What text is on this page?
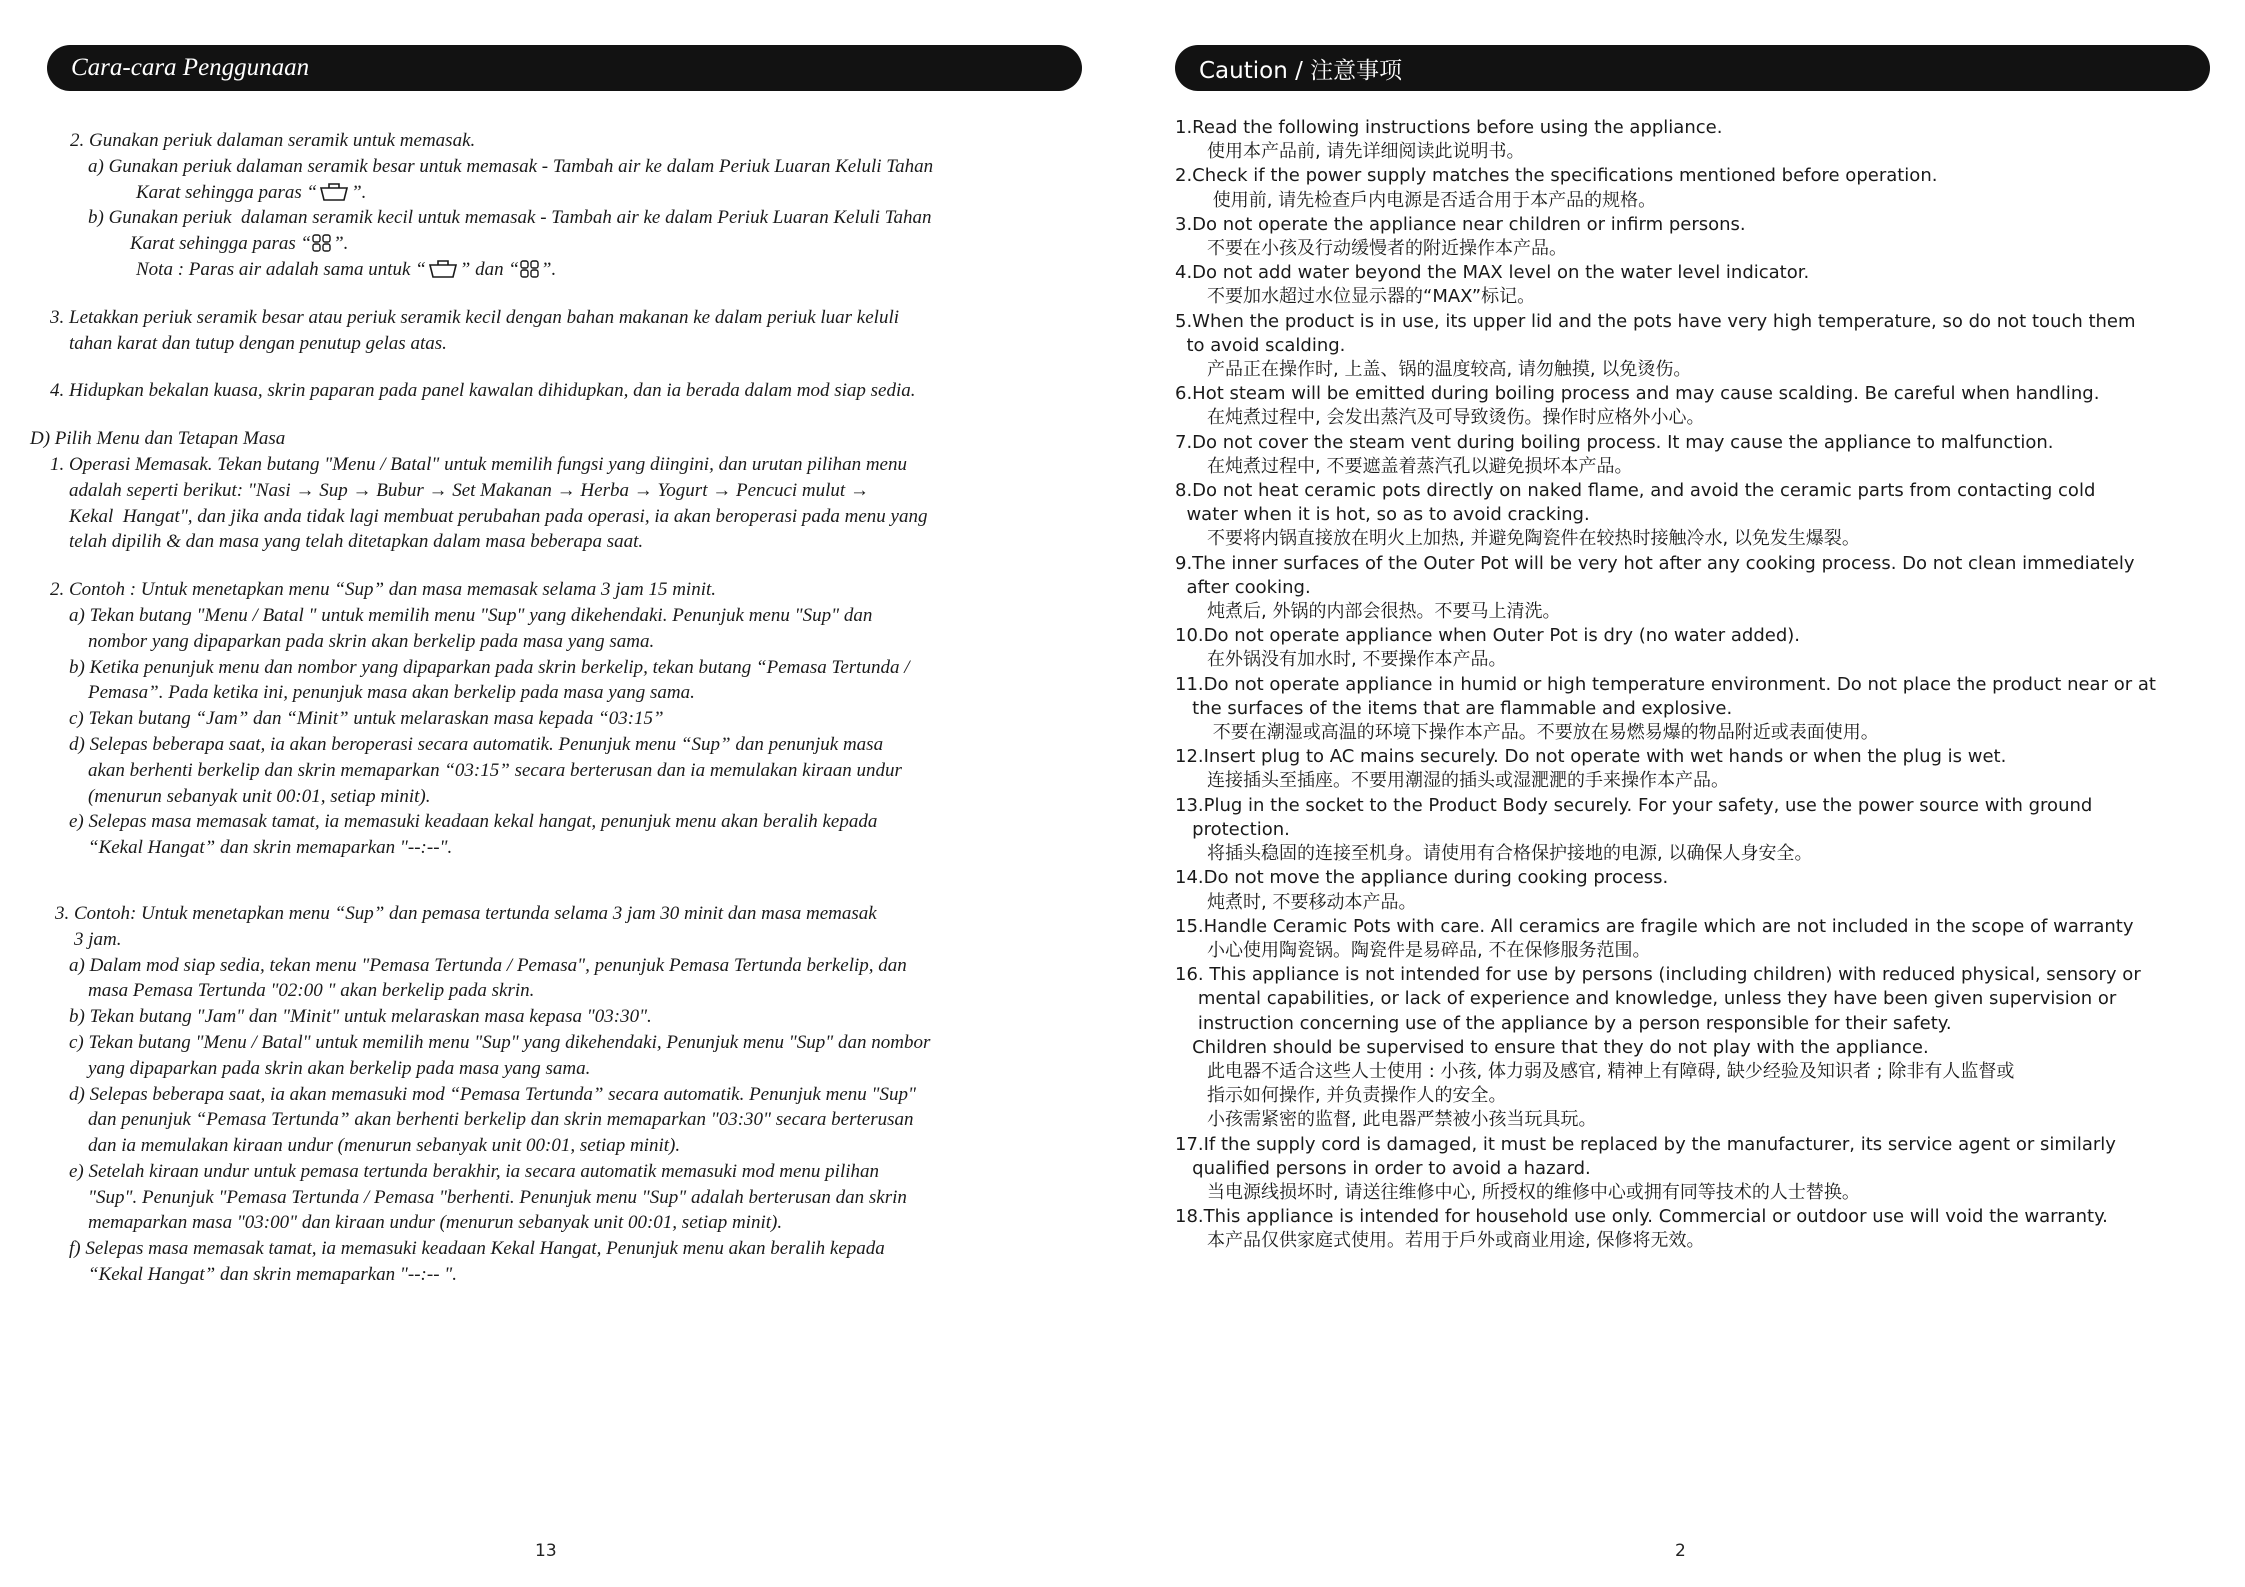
Cara-cara Penggunaan

2. Gunakan periuk dalaman seramik untuk memasak.

a) Gunakan periuk dalaman seramik besar untuk memasak - Tambah air ke dalam Periuk Luaran Keluli Tahan

Karat sehingga paras “ ”.

b) Gunakan periuk  dalaman seramik kecil untuk memasak - Tambah air ke dalam Periuk Luaran Keluli Tahan

Karat sehingga paras “ ”.

Nota : Paras air adalah sama untuk “ ” dan “ ”.

3. Letakkan periuk seramik besar atau periuk seramik kecil dengan bahan makanan ke dalam periuk luar keluli

tahan karat dan tutup dengan penutup gelas atas.

4. Hidupkan bekalan kuasa, skrin paparan pada panel kawalan dihidupkan, dan ia berada dalam mod siap sedia.

D) Pilih Menu dan Tetapan Masa

1. Operasi Memasak. Tekan butang "Menu / Batal" untuk memilih fungsi yang diingini, dan urutan pilihan menu

adalah seperti berikut: "Nasi → Sup → Bubur → Set Makanan → Herba → Yogurt → Pencuci mulut →

Kekal  Hangat", dan jika anda tidak lagi membuat perubahan pada operasi, ia akan beroperasi pada menu yang

telah dipilih & dan masa yang telah ditetapkan dalam masa beberapa saat.

2. Contoh : Untuk menetapkan menu “Sup” dan masa memasak selama 3 jam 15 minit.

a) Tekan butang "Menu / Batal " untuk memilih menu "Sup" yang dikehendaki. Penunjuk menu "Sup" dan

nombor yang dipaparkan pada skrin akan berkelip pada masa yang sama.

b) Ketika penunjuk menu dan nombor yang dipaparkan pada skrin berkelip, tekan butang “Pemasa Tertunda /

Pemasa”. Pada ketika ini, penunjuk masa akan berkelip pada masa yang sama.

c) Tekan butang “Jam” dan “Minit” untuk melaraskan masa kepada “03:15”

d) Selepas beberapa saat, ia akan beroperasi secara automatik. Penunjuk menu “Sup” dan penunjuk masa

akan berhenti berkelip dan skrin memaparkan “03:15” secara berterusan dan ia memulakan kiraan undur

(menurun sebanyak unit 00:01, setiap minit).

e) Selepas masa memasak tamat, ia memasuki keadaan kekal hangat, penunjuk menu akan beralih kepada

“Kekal Hangat” dan skrin memaparkan "--:--".

3. Contoh: Untuk menetapkan menu “Sup” dan pemasa tertunda selama 3 jam 30 minit dan masa memasak

3 jam.

a) Dalam mod siap sedia, tekan menu "Pemasa Tertunda / Pemasa", penunjuk Pemasa Tertunda berkelip, dan

masa Pemasa Tertunda "02:00 " akan berkelip pada skrin.

b) Tekan butang "Jam" dan "Minit" untuk melaraskan masa kepasa "03:30".

c) Tekan butang "Menu / Batal" untuk memilih menu "Sup" yang dikehendaki, Penunjuk menu "Sup" dan nombor

yang dipaparkan pada skrin akan berkelip pada masa yang sama.

d) Selepas beberapa saat, ia akan memasuki mod “Pemasa Tertunda” secara automatik. Penunjuk menu "Sup"

dan penunjuk “Pemasa Tertunda” akan berhenti berkelip dan skrin memaparkan "03:30" secara berterusan

dan ia memulakan kiraan undur (menurun sebanyak unit 00:01, setiap minit).

e) Setelah kiraan undur untuk pemasa tertunda berakhir, ia secara automatik memasuki mod menu pilihan

"Sup". Penunjuk "Pemasa Tertunda / Pemasa "berhenti. Penunjuk menu "Sup" adalah berterusan dan skrin

memaparkan masa "03:00" dan kiraan undur (menurun sebanyak unit 00:01, setiap minit).

f) Selepas masa memasak tamat, ia memasuki keadaan Kekal Hangat, Penunjuk menu akan beralih kepada

“Kekal Hangat” dan skrin memaparkan "--:-- ".

13
Caution / 注意事项
1.Read the following instructions before using the appliance.
使用本产品前, 请先详细阅读此说明书。
2.Check if the power supply matches the specifications mentioned before operation.
使用前, 请先检查戶内电源是否适合用于本产品的规格。
3.Do not operate the appliance near children or infirm persons.
不要在小孩及行动缓慢者的附近操作本产品。
4.Do not add water beyond the MAX level on the water level indicator.
不要加水超过水位显示器的“MAX”标记。
5.When the product is in use, its upper lid and the pots have very high temperature, so do not touch them
to avoid scalding.
产品正在操作时, 上盖、锅的温度较高, 请勿触摸, 以免烫伤。
6.Hot steam will be emitted during boiling process and may cause scalding. Be careful when handling.
在炖煮过程中, 会发出蒸汽及可导致烫伤。操作时应格外小心。
7.Do not cover the steam vent during boiling process. It may cause the appliance to malfunction.
在炖煮过程中, 不要遮盖着蒸汽孔以避免损坏本产品。
8.Do not heat ceramic pots directly on naked flame, and avoid the ceramic parts from contacting cold
water when it is hot, so as to avoid cracking.
不要将内锅直接放在明火上加热, 并避免陶瓷件在较热时接触冷水, 以免发生爆裂。
9.The inner surfaces of the Outer Pot will be very hot after any cooking process. Do not clean immediately
after cooking.
炖煮后, 外锅的内部会很热。不要马上清洗。
10.Do not operate appliance when Outer Pot is dry (no water added).
在外锅没有加水时, 不要操作本产品。
11.Do not operate appliance in humid or high temperature environment. Do not place the product near or at
the surfaces of the items that are flammable and explosive.
不要在潮湿或高温的环境下操作本产品。不要放在易燃易爆的物品附近或表面使用。
12.Insert plug to AC mains securely. Do not operate with wet hands or when the plug is wet.
连接插头至插座。不要用潮湿的插头或湿淝淝的手来操作本产品。
13.Plug in the socket to the Product Body securely. For your safety, use the power source with ground
protection.
将插头稳固的连接至机身。请使用有合格保护接地的电源, 以确保人身安全。
14.Do not move the appliance during cooking process.
炖煮时, 不要移动本产品。
15.Handle Ceramic Pots with care. All ceramics are fragile which are not included in the scope of warranty
小心使用陶瓷锅。陶瓷件是易碎品, 不在保修服务范围。
16. This appliance is not intended for use by persons (including children) with reduced physical, sensory or
mental capabilities, or lack of experience and knowledge, unless they have been given supervision or
instruction concerning use of the appliance by a person responsible for their safety.
Children should be supervised to ensure that they do not play with the appliance.
此电器不适合这些人士使用 : 小孩, 体力弱及感官, 精神上有障碍, 缺少经验及知识者 ; 除非有人监督或
指示如何操作, 并负责操作人的安全。
小孩需紧密的监督, 此电器严禁被小孩当玩具玩。
17.If the supply cord is damaged, it must be replaced by the manufacturer, its service agent or similarly
qualified persons in order to avoid a hazard.
当电源线损坏时, 请送往维修中心, 所授权的维修中心或拥有同等技术的人士替换。
18.This appliance is intended for household use only. Commercial or outdoor use will void the warranty.
本产品仅供家庭式使用。若用于戶外或商业用途, 保修将无效。
2
